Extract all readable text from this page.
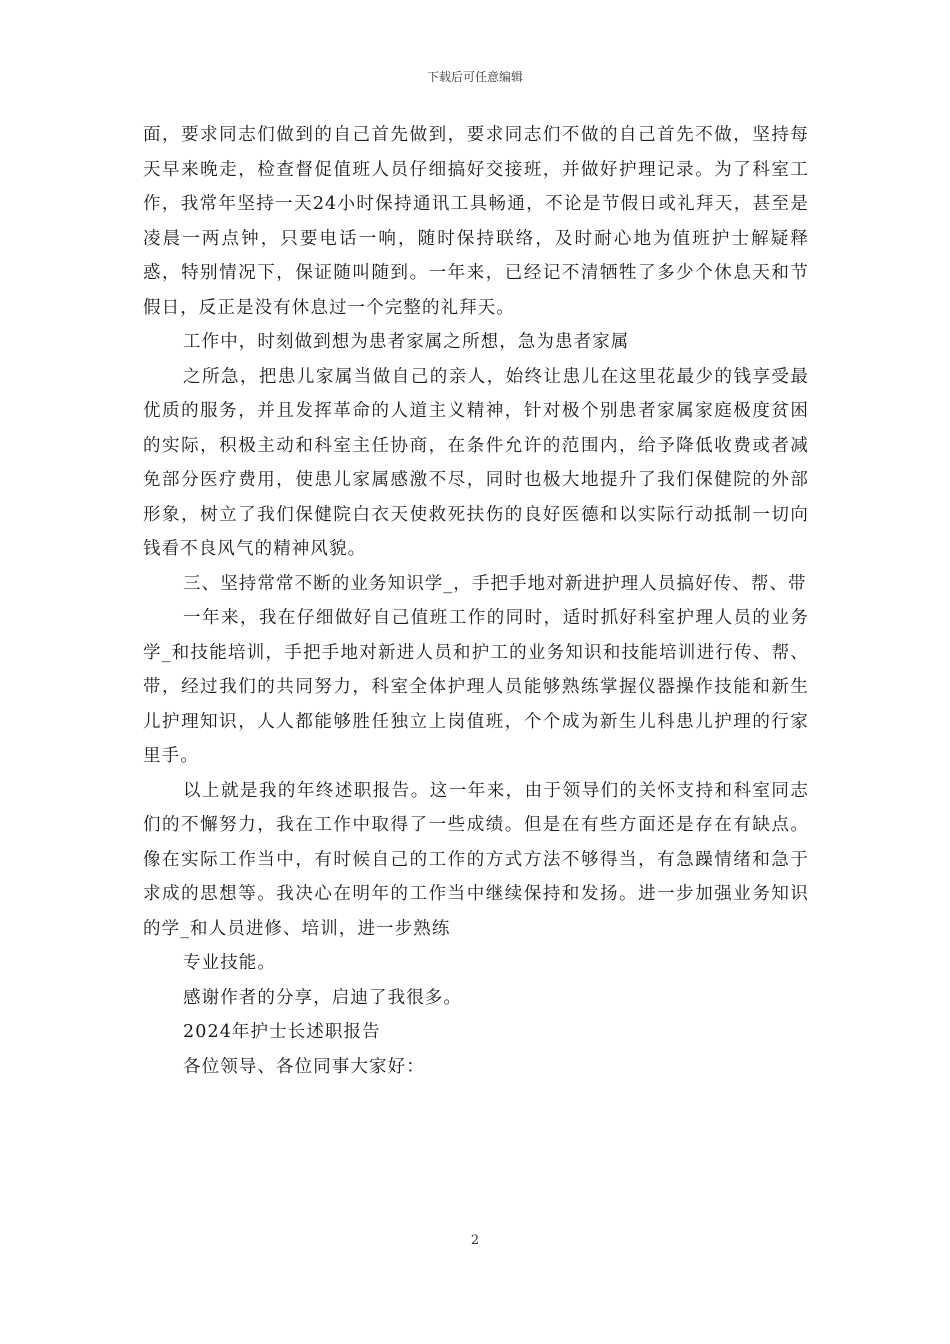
下载后可任意编辑

面，要求同志们做到的自己首先做到，要求同志们不做的自己首先不做，坚持每天早来晚走，检查督促值班人员仔细搞好交接班，并做好护理记录。为了科室工作，我常年坚持一天24小时保持通讯工具畅通，不论是节假日或礼拜天，甚至是凌晨一两点钟，只要电话一响，随时保持联络，及时耐心地为值班护士解疑释惑，特别情况下，保证随叫随到。一年来，已经记不清牺牲了多少个休息天和节假日，反正是没有休息过一个完整的礼拜天。

工作中，时刻做到想为患者家属之所想，急为患者家属

之所急，把患儿家属当做自己的亲人，始终让患儿在这里花最少的钱享受最优质的服务，并且发挥革命的人道主义精神，针对极个别患者家属家庭极度贫困的实际，积极主动和科室主任协商，在条件允许的范围内，给予降低收费或者减免部分医疗费用，使患儿家属感激不尽，同时也极大地提升了我们保健院的外部形象，树立了我们保健院白衣天使救死扶伤的良好医德和以实际行动抵制一切向钱看不良风气的精神风貌。

三、坚持常常不断的业务知识学_，手把手地对新进护理人员搞好传、帮、带

一年来，我在仔细做好自己值班工作的同时，适时抓好科室护理人员的业务学_和技能培训，手把手地对新进人员和护工的业务知识和技能培训进行传、帮、带，经过我们的共同努力，科室全体护理人员能够熟练掌握仪器操作技能和新生儿护理知识，人人都能够胜任独立上岗值班，个个成为新生儿科患儿护理的行家里手。

以上就是我的年终述职报告。这一年来，由于领导们的关怀支持和科室同志们的不懈努力，我在工作中取得了一些成绩。但是在有些方面还是存在有缺点。像在实际工作当中，有时候自己的工作的方式方法不够得当，有急躁情绪和急于求成的思想等。我决心在明年的工作当中继续保持和发扬。进一步加强业务知识的学_和人员进修、培训，进一步熟练

专业技能。

感谢作者的分享，启迪了我很多。

2024年护士长述职报告

各位领导、各位同事大家好：

2
